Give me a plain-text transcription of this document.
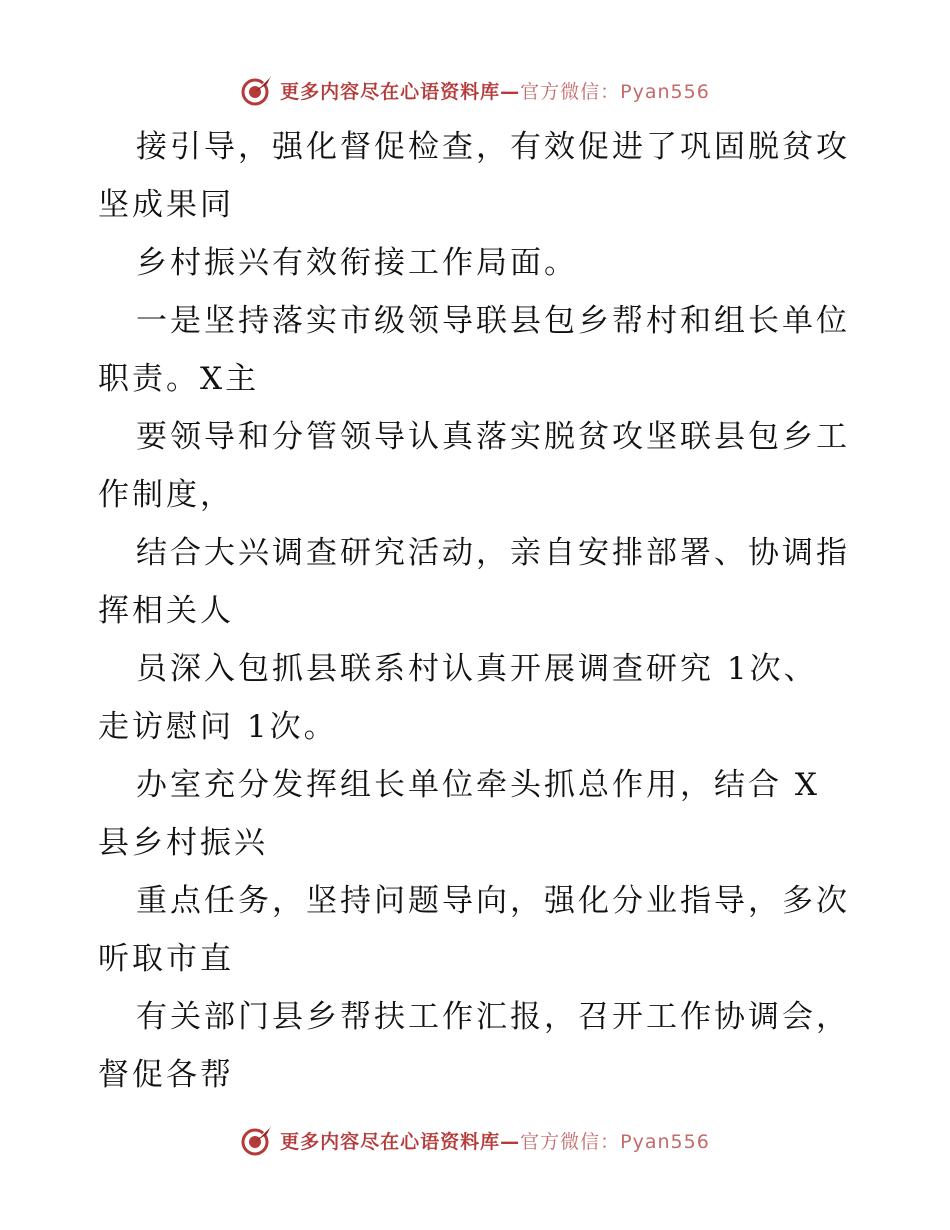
更多内容尽在心语资料库—官方微信：Pyan556
接引导，强化督促检查，有效促进了巩固脱贫攻
坚成果同
乡村振兴有效衔接工作局面。
一是坚持落实市级领导联县包乡帮村和组长单位
职责。X主
要领导和分管领导认真落实脱贫攻坚联县包乡工
作制度，
结合大兴调查研究活动，亲自安排部署、协调指
挥相关人
员深入包抓县联系村认真开展调查研究 1次、
走访慰问 1次。
办室充分发挥组长单位牵头抓总作用，结合 X
县乡村振兴
重点任务，坚持问题导向，强化分业指导，多次
听取市直
有关部门县乡帮扶工作汇报，召开工作协调会，
督促各帮
更多内容尽在心语资料库—官方微信：Pyan556
